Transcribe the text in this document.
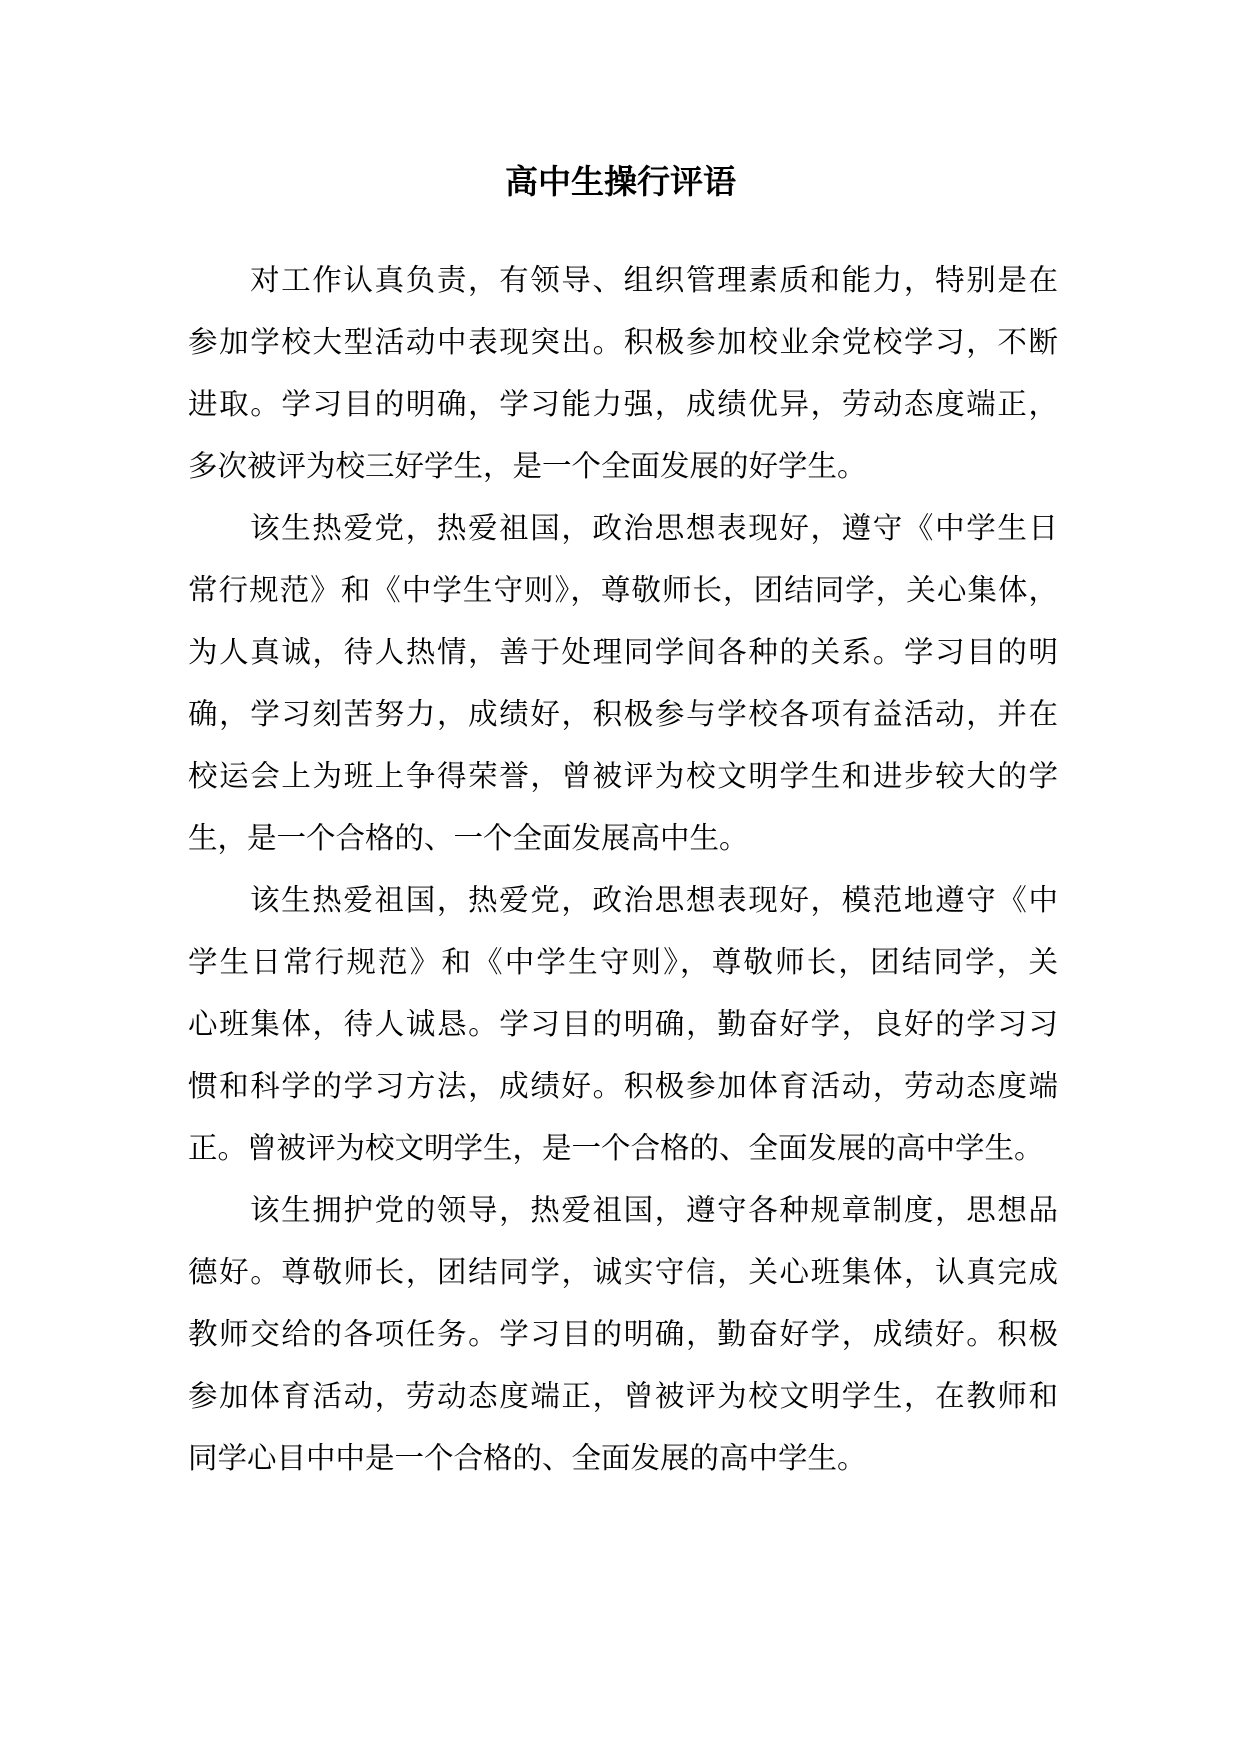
高中生操行评语

对工作认真负责，有领导、组织管理素质和能力，特别是在

参加学校大型活动中表现突出。积极参加校业余党校学习，不断

进取。学习目的明确，学习能力强，成绩优异，劳动态度端正，

多次被评为校三好学生，是一个全面发展的好学生。

该生热爱党，热爱祖国，政治思想表现好，遵守《中学生日

常行规范》和《中学生守则》，尊敬师长，团结同学，关心集体，

为人真诚，待人热情，善于处理同学间各种的关系。学习目的明

确，学习刻苦努力，成绩好，积极参与学校各项有益活动，并在

校运会上为班上争得荣誉，曾被评为校文明学生和进步较大的学

生，是一个合格的、一个全面发展高中生。

该生热爱祖国，热爱党，政治思想表现好，模范地遵守《中

学生日常行规范》和《中学生守则》，尊敬师长，团结同学，关

心班集体，待人诚恳。学习目的明确，勤奋好学，良好的学习习

惯和科学的学习方法，成绩好。积极参加体育活动，劳动态度端

正。曾被评为校文明学生，是一个合格的、全面发展的高中学生。

该生拥护党的领导，热爱祖国，遵守各种规章制度，思想品

德好。尊敬师长，团结同学，诚实守信，关心班集体，认真完成

教师交给的各项任务。学习目的明确，勤奋好学，成绩好。积极

参加体育活动，劳动态度端正，曾被评为校文明学生，在教师和

同学心目中中是一个合格的、全面发展的高中学生。
